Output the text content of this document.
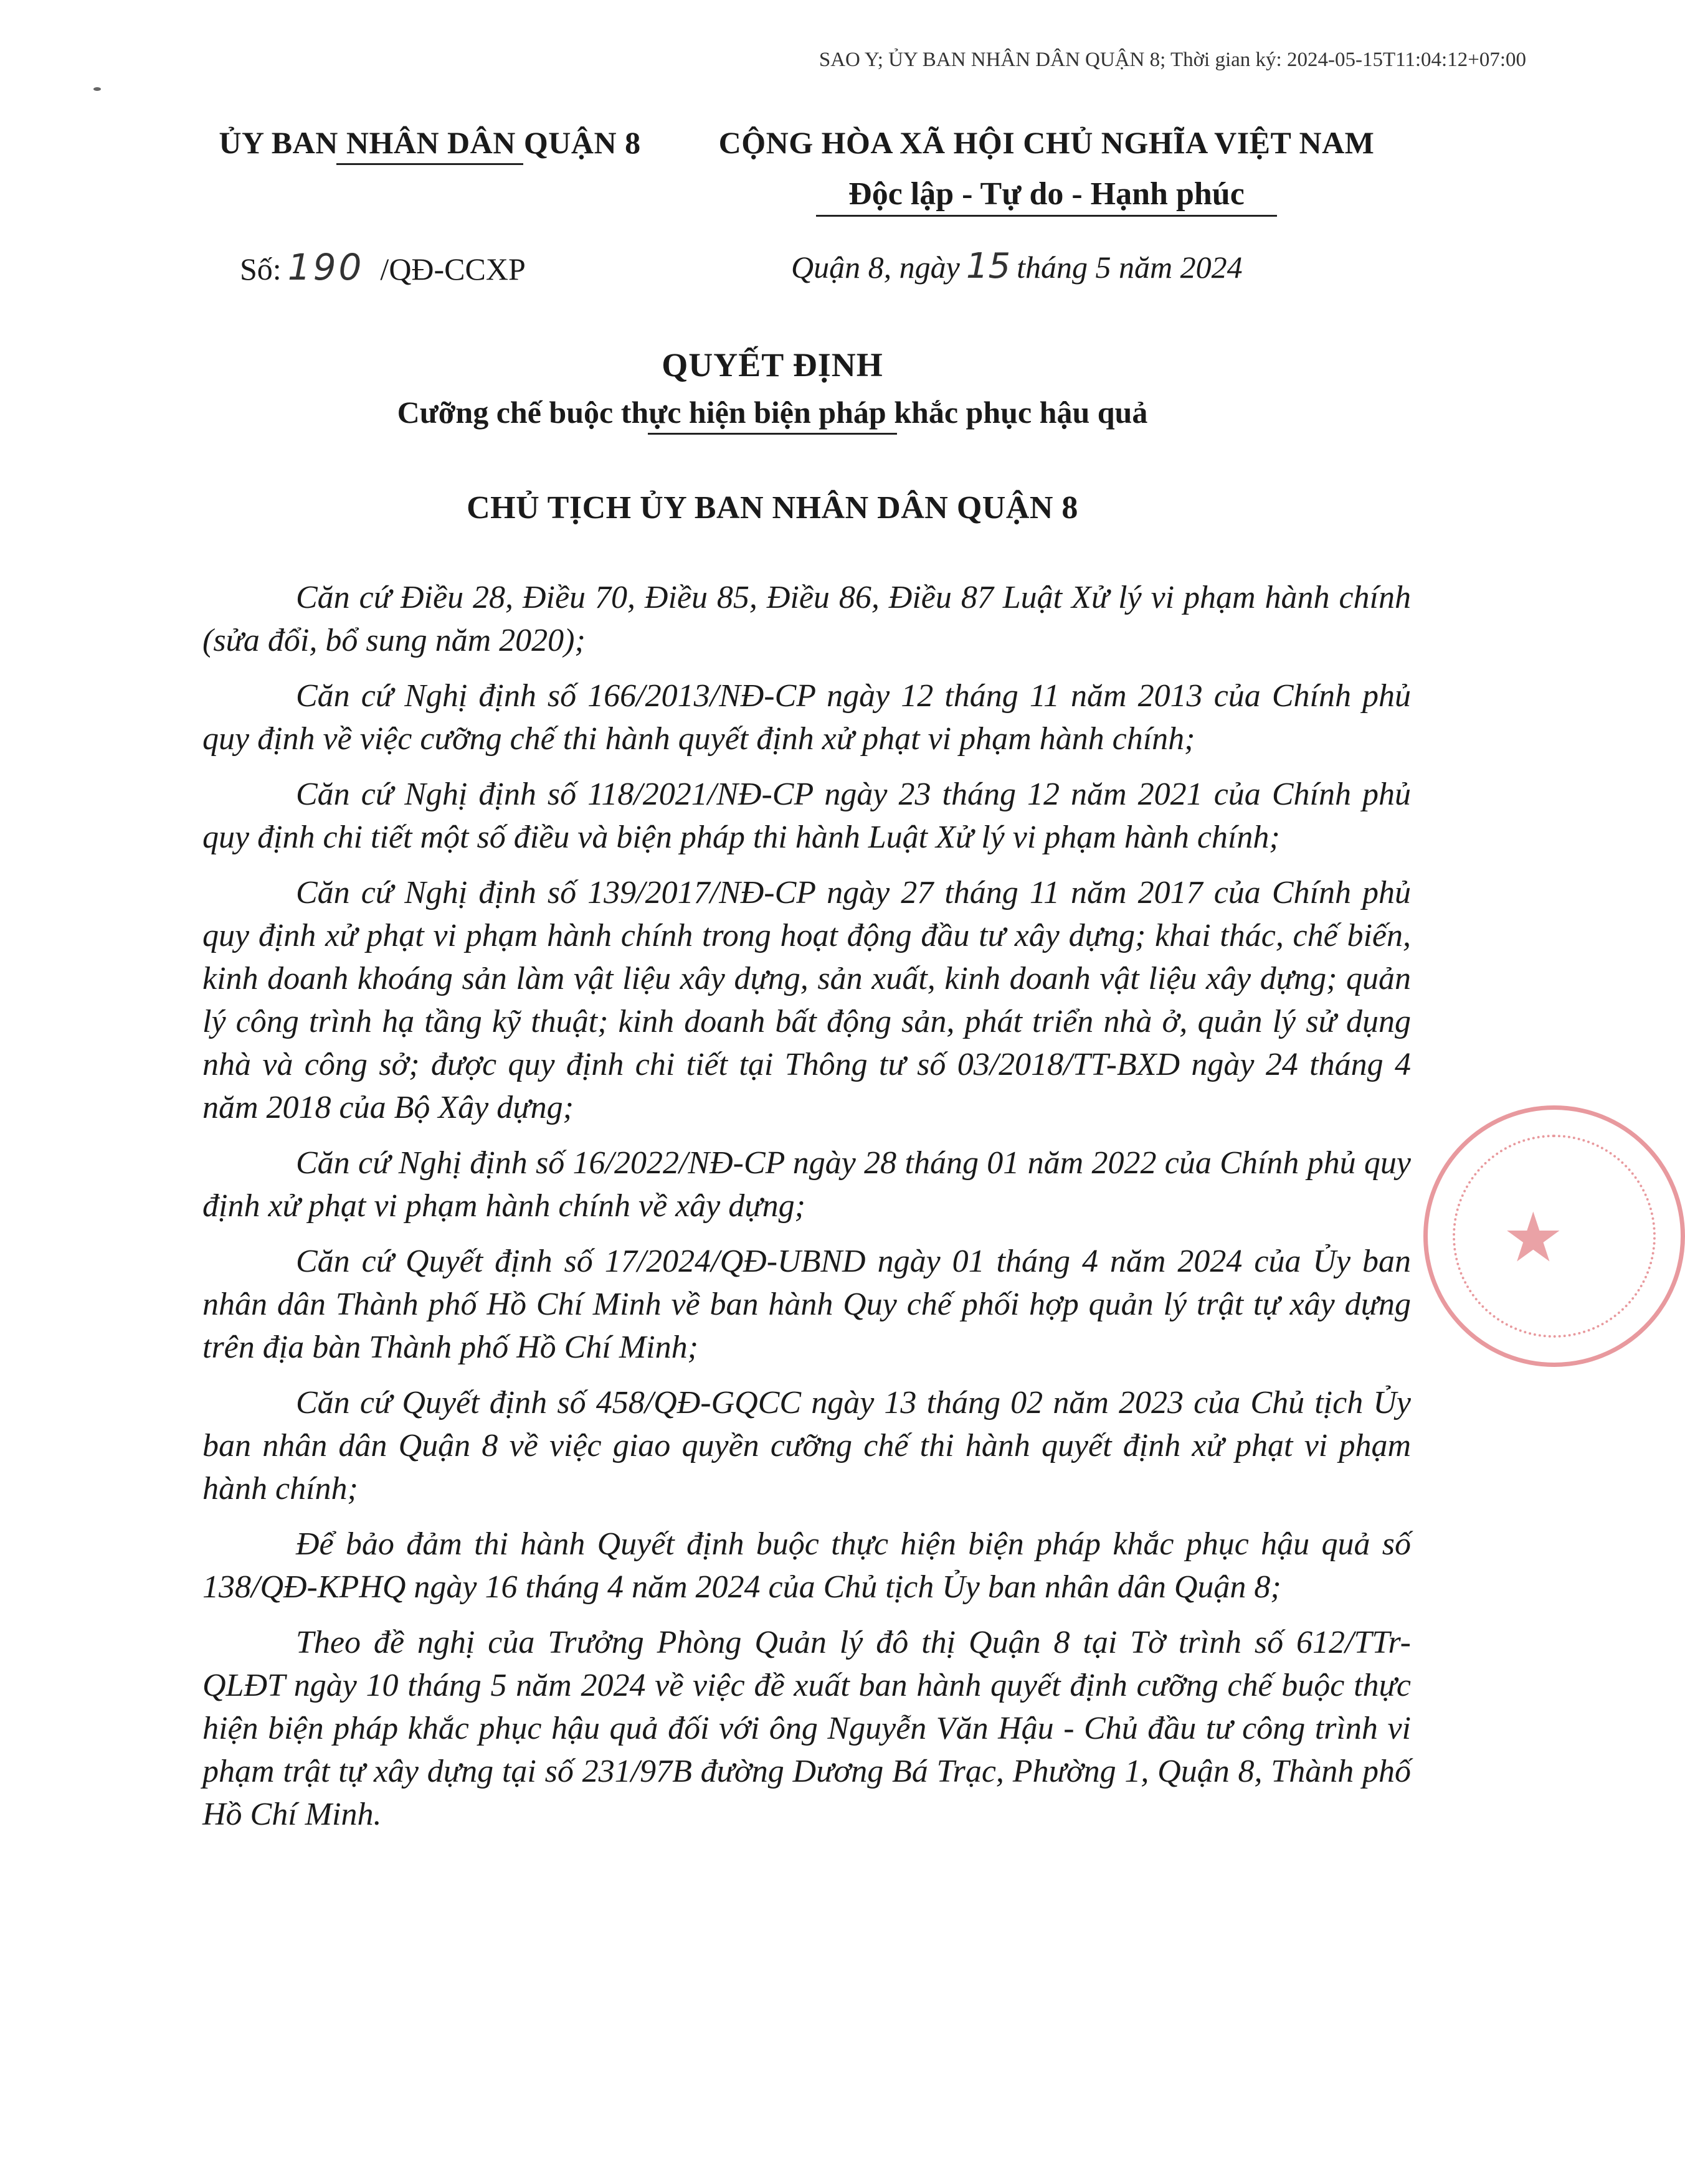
SAO Y; ỦY BAN NHÂN DÂN QUẬN 8; Thời gian ký: 2024-05-15T11:04:12+07:00
ỦY BAN NHÂN DÂN QUẬN 8	CỘNG HÒA XÃ HỘI CHỦ NGHĨA VIỆT NAM
Độc lập - Tự do - Hạnh phúc
Số: 190 /QĐ-CCXP	Quận 8, ngày 15 tháng 5 năm 2024
QUYẾT ĐỊNH
Cưỡng chế buộc thực hiện biện pháp khắc phục hậu quả
CHỦ TỊCH ỦY BAN NHÂN DÂN QUẬN 8

Căn cứ Điều 28, Điều 70, Điều 85, Điều 86, Điều 87 Luật Xử lý vi phạm hành chính (sửa đổi, bổ sung năm 2020);

Căn cứ Nghị định số 166/2013/NĐ-CP ngày 12 tháng 11 năm 2013 của Chính phủ quy định về việc cưỡng chế thi hành quyết định xử phạt vi phạm hành chính;

Căn cứ Nghị định số 118/2021/NĐ-CP ngày 23 tháng 12 năm 2021 của Chính phủ quy định chi tiết một số điều và biện pháp thi hành Luật Xử lý vi phạm hành chính;

Căn cứ Nghị định số 139/2017/NĐ-CP ngày 27 tháng 11 năm 2017 của Chính phủ quy định xử phạt vi phạm hành chính trong hoạt động đầu tư xây dựng; khai thác, chế biến, kinh doanh khoáng sản làm vật liệu xây dựng, sản xuất, kinh doanh vật liệu xây dựng; quản lý công trình hạ tầng kỹ thuật; kinh doanh bất động sản, phát triển nhà ở, quản lý sử dụng nhà và công sở; được quy định chi tiết tại Thông tư số 03/2018/TT-BXD ngày 24 tháng 4 năm 2018 của Bộ Xây dựng;

Căn cứ Nghị định số 16/2022/NĐ-CP ngày 28 tháng 01 năm 2022 của Chính phủ quy định xử phạt vi phạm hành chính về xây dựng;

Căn cứ Quyết định số 17/2024/QĐ-UBND ngày 01 tháng 4 năm 2024 của Ủy ban nhân dân Thành phố Hồ Chí Minh về ban hành Quy chế phối hợp quản lý trật tự xây dựng trên địa bàn Thành phố Hồ Chí Minh;

Căn cứ Quyết định số 458/QĐ-GQCC ngày 13 tháng 02 năm 2023 của Chủ tịch Ủy ban nhân dân Quận 8 về việc giao quyền cưỡng chế thi hành quyết định xử phạt vi phạm hành chính;

Để bảo đảm thi hành Quyết định buộc thực hiện biện pháp khắc phục hậu quả số 138/QĐ-KPHQ ngày 16 tháng 4 năm 2024 của Chủ tịch Ủy ban nhân dân Quận 8;

Theo đề nghị của Trưởng Phòng Quản lý đô thị Quận 8 tại Tờ trình số 612/TTr-QLĐT ngày 10 tháng 5 năm 2024 về việc đề xuất ban hành quyết định cưỡng chế buộc thực hiện biện pháp khắc phục hậu quả đối với ông Nguyễn Văn Hậu - Chủ đầu tư công trình vi phạm trật tự xây dựng tại số 231/97B đường Dương Bá Trạc, Phường 1, Quận 8, Thành phố Hồ Chí Minh.

★
